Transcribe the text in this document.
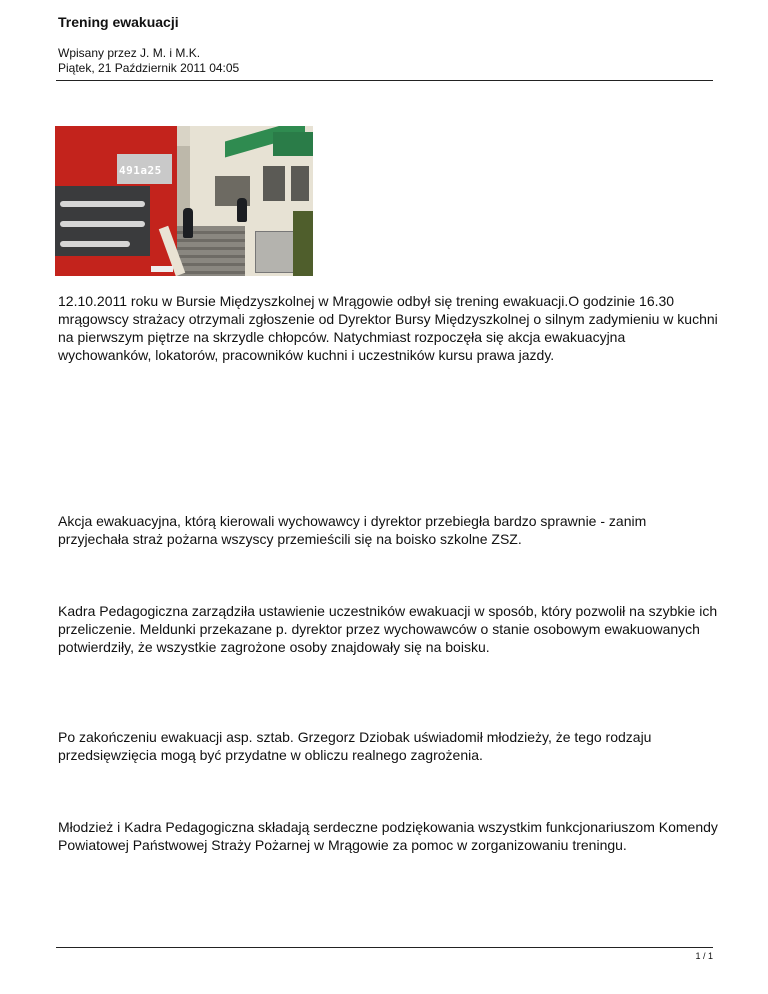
Trening ewakuacji
Wpisany przez J. M. i M.K.
Piątek, 21 Październik 2011 04:05
491a25
12.10.2011 roku w Bursie Międzyszkolnej w Mrągowie odbył się trening ewakuacji.O godzinie 16.30 mrągowscy strażacy otrzymali zgłoszenie od Dyrektor Bursy Międzyszkolnej o silnym zadymieniu w kuchni na pierwszym piętrze na skrzydle chłopców. Natychmiast rozpoczęła się akcja ewakuacyjna wychowanków, lokatorów, pracowników kuchni i uczestników kursu prawa jazdy.
Akcja ewakuacyjna, którą kierowali wychowawcy i dyrektor przebiegła bardzo sprawnie - zanim przyjechała straż pożarna wszyscy przemieścili się na boisko szkolne ZSZ.
Kadra Pedagogiczna zarządziła ustawienie uczestników ewakuacji w sposób, który pozwolił na szybkie ich przeliczenie. Meldunki przekazane p. dyrektor przez wychowawców o stanie osobowym ewakuowanych potwierdziły, że wszystkie zagrożone osoby znajdowały się na boisku.
Po zakończeniu ewakuacji asp. sztab. Grzegorz Dziobak uświadomił młodzieży, że tego rodzaju przedsięwzięcia mogą być przydatne w obliczu realnego zagrożenia.
Młodzież i Kadra Pedagogiczna składają serdeczne podziękowania wszystkim funkcjonariuszom Komendy Powiatowej Państwowej Straży Pożarnej w Mrągowie za pomoc w zorganizowaniu treningu.
1 / 1
